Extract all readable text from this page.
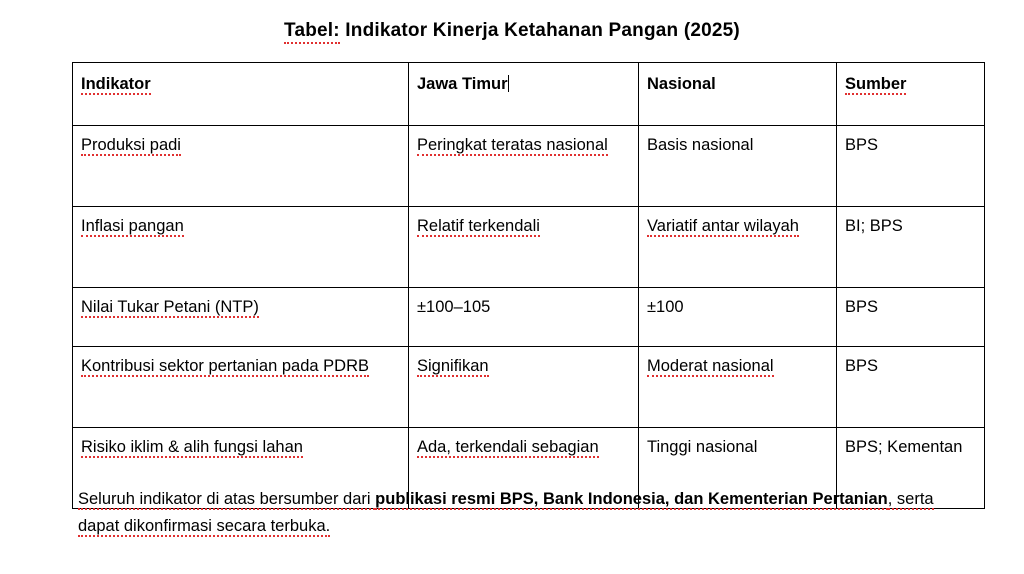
Tabel: Indikator Kinerja Ketahanan Pangan (2025)
Indikator	Jawa Timur	Nasional	Sumber
Produksi padi	Peringkat teratas nasional	Basis nasional	BPS
Inflasi pangan	Relatif terkendali	Variatif antar wilayah	BI; BPS
Nilai Tukar Petani (NTP)	±100–105	±100	BPS
Kontribusi sektor pertanian pada PDRB	Signifikan	Moderat nasional	BPS
Risiko iklim & alih fungsi lahan	Ada, terkendali sebagian	Tinggi nasional	BPS; Kementan
Seluruh indikator di atas bersumber dari publikasi resmi BPS, Bank Indonesia, dan Kementerian Pertanian, serta dapat dikonfirmasi secara terbuka.
